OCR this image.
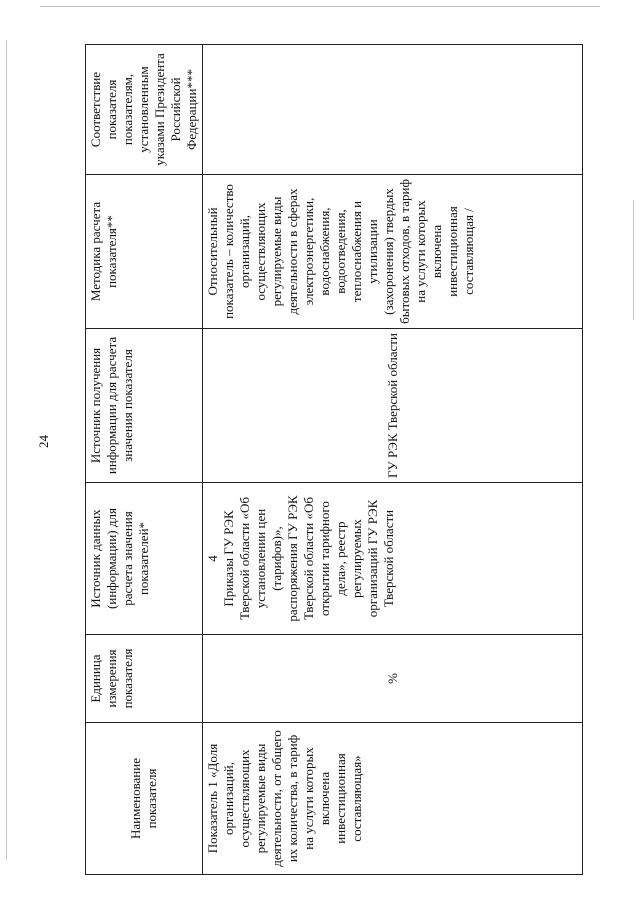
24
Наименование показателя	Единица измерения показателя	Источник данных (информации) для расчета значения показателей*	Источник получения информации для расчета значения показателя	Методика расчета показателя**	Соответствие показателя показателям, установленным указами Президента Российской Федерации***
Показатель 1 «Доля организаций, осуществляющих регулируемые виды деятельности, от общего их количества, в тариф на услуги которых включена инвестиционная составляющая»	%	4 Приказы ГУ РЭК Тверской области «Об установлении цен (тарифов)», распоряжения ГУ РЭК Тверской области «Об открытии тарифного дела», реестр регулируемых организаций ГУ РЭК Тверской области	ГУ РЭК Тверской области	Относительный показатель – количество организаций, осуществляющих регулируемые виды деятельности в сферах электроэнергетики, водоснабжения, водоотведения, теплоснабжения и утилизации (захоронения) твердых бытовых отходов, в тариф на услуги которых включена инвестиционная составляющая /	
